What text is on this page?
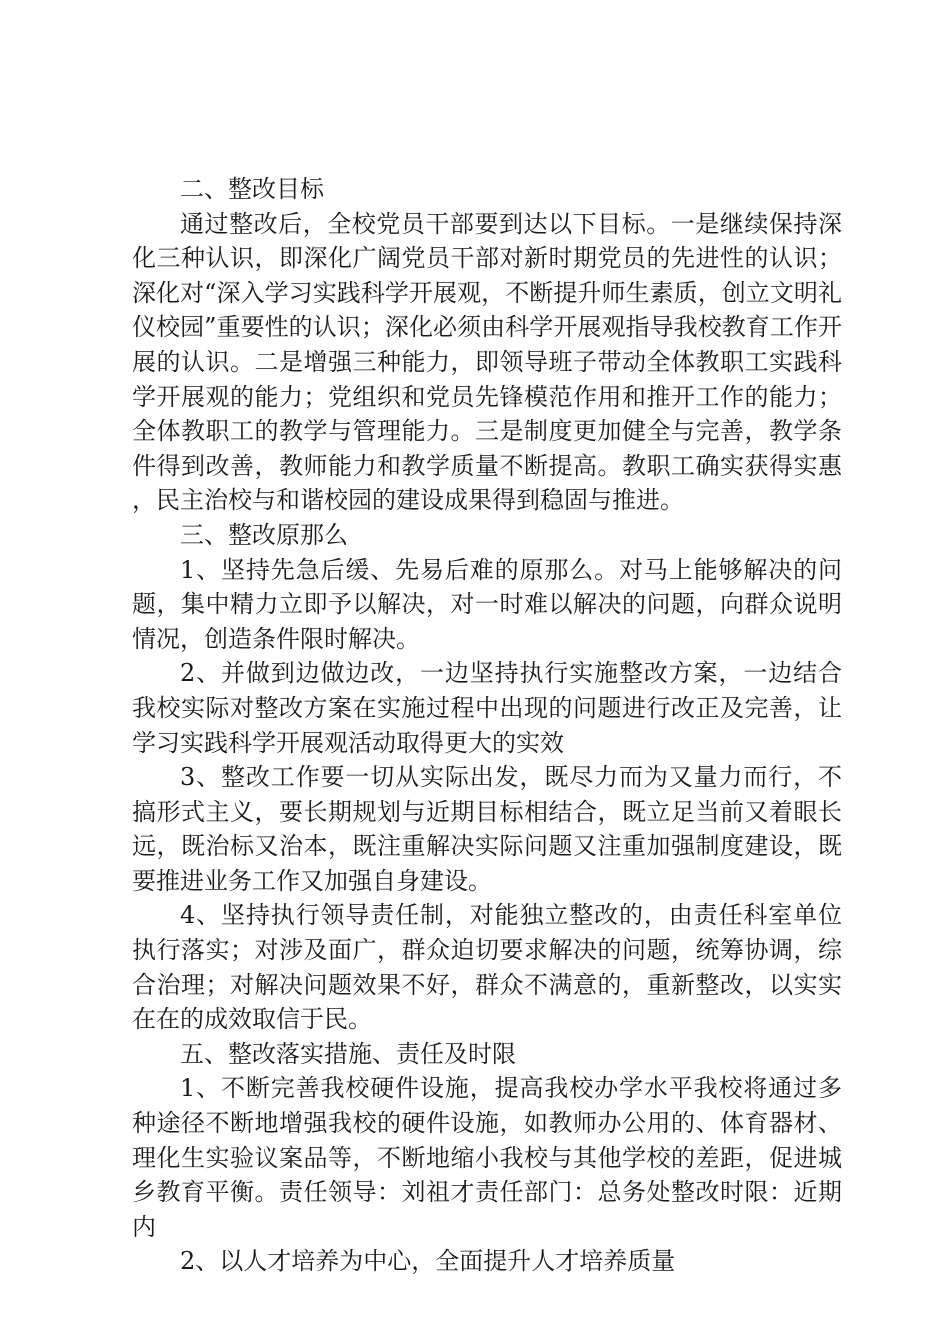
二、整改目标

通过整改后，全校党员干部要到达以下目标。一是继续保持深化三种认识，即深化广阔党员干部对新时期党员的先进性的认识；深化对“深入学习实践科学开展观，不断提升师生素质，创立文明礼仪校园”重要性的认识；深化必须由科学开展观指导我校教育工作开展的认识。二是增强三种能力，即领导班子带动全体教职工实践科学开展观的能力；党组织和党员先锋模范作用和推开工作的能力；全体教职工的教学与管理能力。三是制度更加健全与完善，教学条件得到改善，教师能力和教学质量不断提高。教职工确实获得实惠，民主治校与和谐校园的建设成果得到稳固与推进。

三、整改原那么

1、坚持先急后缓、先易后难的原那么。对马上能够解决的问题，集中精力立即予以解决，对一时难以解决的问题，向群众说明情况，创造条件限时解决。

2、并做到边做边改，一边坚持执行实施整改方案，一边结合我校实际对整改方案在实施过程中出现的问题进行改正及完善，让学习实践科学开展观活动取得更大的实效

3、整改工作要一切从实际出发，既尽力而为又量力而行，不搞形式主义，要长期规划与近期目标相结合，既立足当前又着眼长远，既治标又治本，既注重解决实际问题又注重加强制度建设，既要推进业务工作又加强自身建设。

4、坚持执行领导责任制，对能独立整改的，由责任科室单位执行落实；对涉及面广，群众迫切要求解决的问题，统筹协调，综合治理；对解决问题效果不好，群众不满意的，重新整改，以实实在在的成效取信于民。

五、整改落实措施、责任及时限

1、不断完善我校硬件设施，提高我校办学水平我校将通过多种途径不断地增强我校的硬件设施，如教师办公用的、体育器材、理化生实验议案品等，不断地缩小我校与其他学校的差距，促进城乡教育平衡。责任领导：刘祖才责任部门：总务处整改时限：近期内

2、以人才培养为中心，全面提升人才培养质量
